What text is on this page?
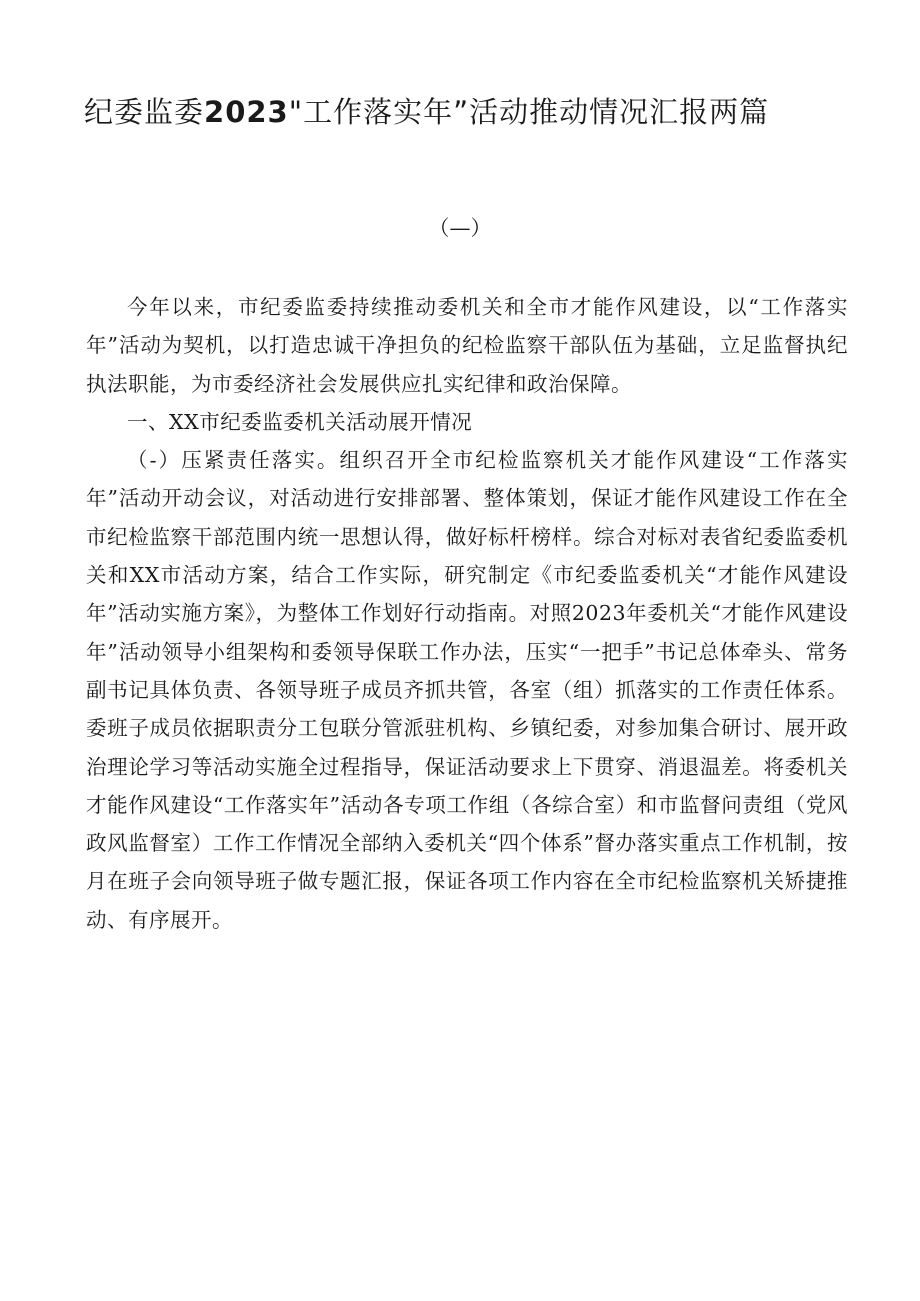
纪委监委2023"工作落实年”活动推动情况汇报两篇
（—）

今年以来，市纪委监委持续推动委机关和全市才能作风建设，以“工作落实年”活动为契机，以打造忠诚干净担负的纪检监察干部队伍为基础，立足监督执纪执法职能，为市委经济社会发展供应扎实纪律和政治保障。

一、XX市纪委监委机关活动展开情况

（-）压紧责任落实。组织召开全市纪检监察机关才能作风建设“工作落实年”活动开动会议，对活动进行安排部署、整体策划，保证才能作风建设工作在全市纪检监察干部范围内统一思想认得，做好标杆榜样。综合对标对表省纪委监委机关和XX市活动方案，结合工作实际，研究制定《市纪委监委机关“才能作风建设年”活动实施方案》，为整体工作划好行动指南。对照2023年委机关“才能作风建设年”活动领导小组架构和委领导保联工作办法，压实“一把手”书记总体牵头、常务副书记具体负责、各领导班子成员齐抓共管，各室（组）抓落实的工作责任体系。委班子成员依据职责分工包联分管派驻机构、乡镇纪委，对参加集合研讨、展开政治理论学习等活动实施全过程指导，保证活动要求上下贯穿、消退温差。将委机关才能作风建设“工作落实年”活动各专项工作组（各综合室）和市监督问责组（党风政风监督室）工作工作情况全部纳入委机关“四个体系”督办落实重点工作机制，按月在班子会向领导班子做专题汇报，保证各项工作内容在全市纪检监察机关矫捷推动、有序展开。
